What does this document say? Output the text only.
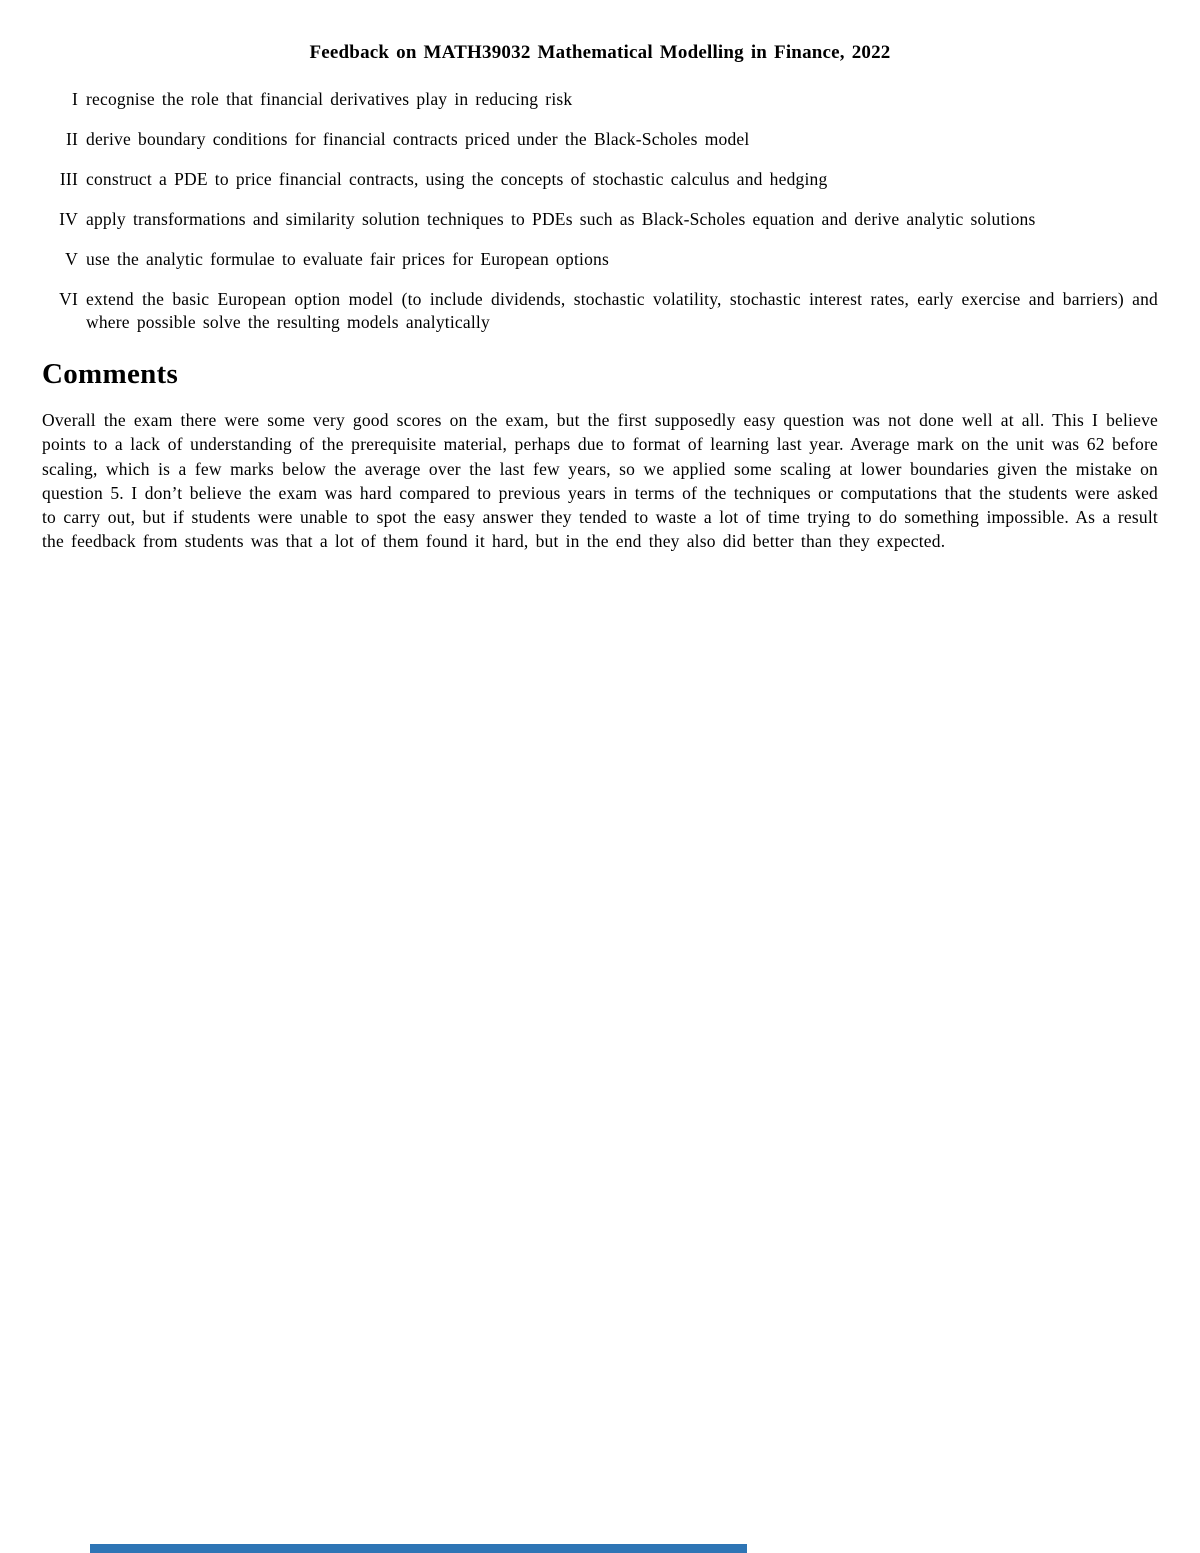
Feedback on MATH39032 Mathematical Modelling in Finance, 2022
I recognise the role that financial derivatives play in reducing risk
II derive boundary conditions for financial contracts priced under the Black-Scholes model
III construct a PDE to price financial contracts, using the concepts of stochastic calculus and hedging
IV apply transformations and similarity solution techniques to PDEs such as Black-Scholes equation and derive analytic solutions
V use the analytic formulae to evaluate fair prices for European options
VI extend the basic European option model (to include dividends, stochastic volatility, stochastic interest rates, early exercise and barriers) and where possible solve the resulting models analytically
Comments
Overall the exam there were some very good scores on the exam, but the first supposedly easy question was not done well at all. This I believe points to a lack of understanding of the prerequisite material, perhaps due to format of learning last year. Average mark on the unit was 62 before scaling, which is a few marks below the average over the last few years, so we applied some scaling at lower boundaries given the mistake on question 5. I don’t believe the exam was hard compared to previous years in terms of the techniques or computations that the students were asked to carry out, but if students were unable to spot the easy answer they tended to waste a lot of time trying to do something impossible. As a result the feedback from students was that a lot of them found it hard, but in the end they also did better than they expected.
